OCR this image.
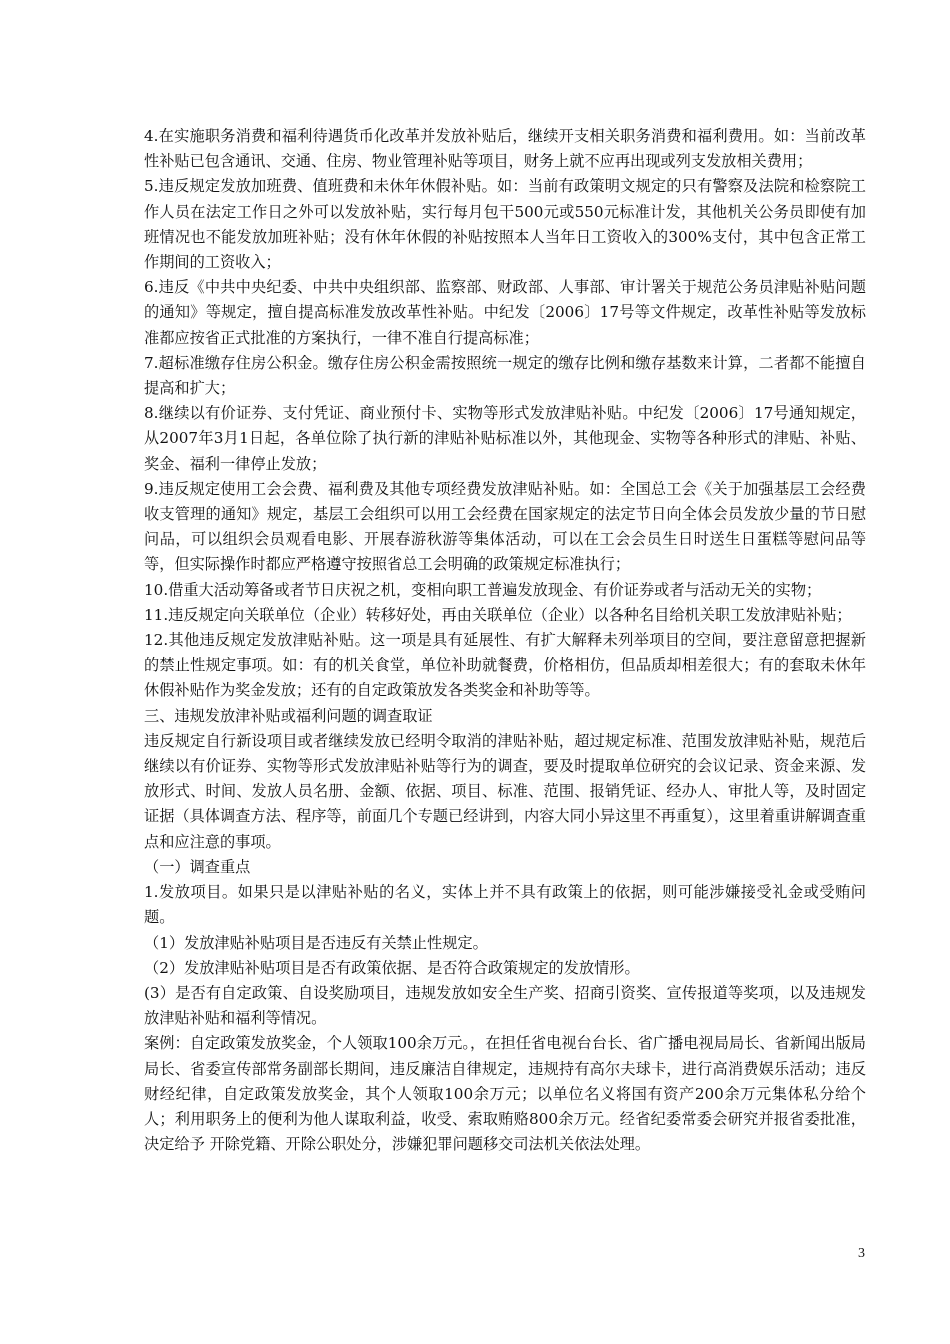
4.在实施职务消费和福利待遇货币化改革并发放补贴后，继续开支相关职务消费和福利费用。如：当前改革性补贴已包含通讯、交通、住房、物业管理补贴等项目，财务上就不应再出现或列支发放相关费用；

5.违反规定发放加班费、值班费和未休年休假补贴。如：当前有政策明文规定的只有警察及法院和检察院工作人员在法定工作日之外可以发放补贴，实行每月包干500元或550元标准计发，其他机关公务员即使有加班情况也不能发放加班补贴；没有休年休假的补贴按照本人当年日工资收入的300%支付，其中包含正常工作期间的工资收入；

6.违反《中共中央纪委、中共中央组织部、监察部、财政部、人事部、审计署关于规范公务员津贴补贴问题的通知》等规定，擅自提高标准发放改革性补贴。中纪发〔2006〕17号等文件规定，改革性补贴等发放标准都应按省正式批准的方案执行，一律不准自行提高标准；

7.超标准缴存住房公积金。缴存住房公积金需按照统一规定的缴存比例和缴存基数来计算，二者都不能擅自提高和扩大；

8.继续以有价证券、支付凭证、商业预付卡、实物等形式发放津贴补贴。中纪发〔2006〕17号通知规定，从2007年3月1日起，各单位除了执行新的津贴补贴标准以外，其他现金、实物等各种形式的津贴、补贴、奖金、福利一律停止发放；

9.违反规定使用工会会费、福利费及其他专项经费发放津贴补贴。如：全国总工会《关于加强基层工会经费收支管理的通知》规定，基层工会组织可以用工会经费在国家规定的法定节日向全体会员发放少量的节日慰问品，可以组织会员观看电影、开展春游秋游等集体活动，可以在工会会员生日时送生日蛋糕等慰问品等等，但实际操作时都应严格遵守按照省总工会明确的政策规定标准执行；

10.借重大活动筹备或者节日庆祝之机，变相向职工普遍发放现金、有价证券或者与活动无关的实物；

11.违反规定向关联单位（企业）转移好处，再由关联单位（企业）以各种名目给机关职工发放津贴补贴；

12.其他违反规定发放津贴补贴。这一项是具有延展性、有扩大解释未列举项目的空间，要注意留意把握新的禁止性规定事项。如：有的机关食堂，单位补助就餐费，价格相仿，但品质却相差很大；有的套取未休年休假补贴作为奖金发放；还有的自定政策放发各类奖金和补助等等。

三、违规发放津补贴或福利问题的调查取证

违反规定自行新设项目或者继续发放已经明令取消的津贴补贴，超过规定标准、范围发放津贴补贴，规范后继续以有价证券、实物等形式发放津贴补贴等行为的调查，要及时提取单位研究的会议记录、资金来源、发放形式、时间、发放人员名册、金额、依据、项目、标准、范围、报销凭证、经办人、审批人等，及时固定证据（具体调查方法、程序等，前面几个专题已经讲到，内容大同小异这里不再重复），这里着重讲解调查重点和应注意的事项。

（一）调查重点

1.发放项目。如果只是以津贴补贴的名义，实体上并不具有政策上的依据，则可能涉嫌接受礼金或受贿问题。

（1）发放津贴补贴项目是否违反有关禁止性规定。

（2）发放津贴补贴项目是否有政策依据、是否符合政策规定的发放情形。

(3）是否有自定政策、自设奖励项目，违规发放如安全生产奖、招商引资奖、宣传报道等奖项，以及违规发放津贴补贴和福利等情况。

案例：自定政策发放奖金，个人领取100余万元。，在担任省电视台台长、省广播电视局局长、省新闻出版局局长、省委宣传部常务副部长期间，违反廉洁自律规定，违规持有高尔夫球卡，进行高消费娱乐活动；违反财经纪律，自定政策发放奖金，其个人领取100余万元；以单位名义将国有资产200余万元集体私分给个人；利用职务上的便利为他人谋取利益，收受、索取贿赂800余万元。经省纪委常委会研究并报省委批准，决定给予 开除党籍、开除公职处分，涉嫌犯罪问题移交司法机关依法处理。

3
